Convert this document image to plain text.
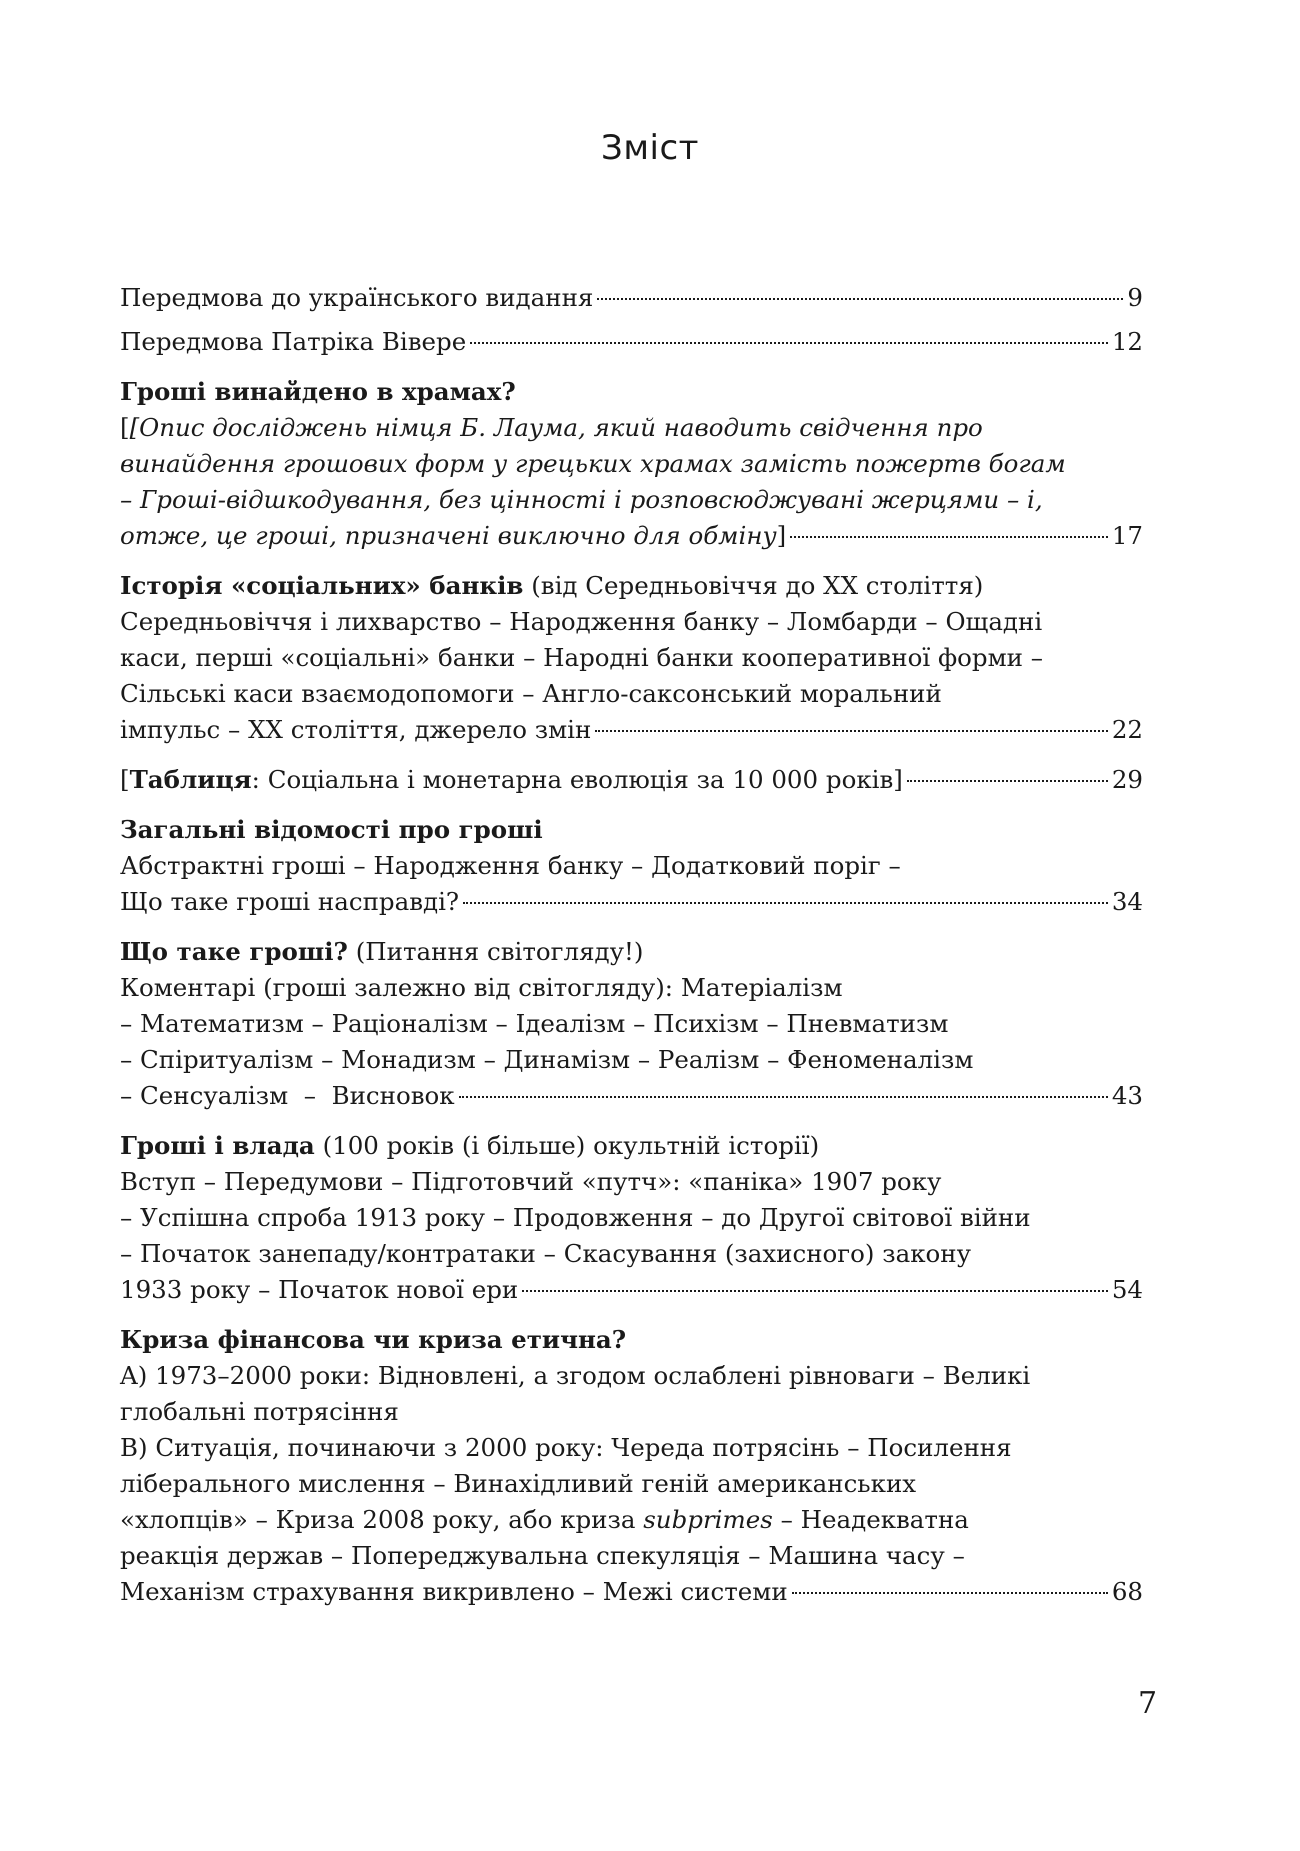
Зміст
Передмова до українського видання	9
Передмова Патріка Вівере	12
Гроші винайдено в храмах?
[[Опис досліджень німця Б. Лаума, який наводить свідчення про
винайдення грошових форм у грецьких храмах замість пожертв богам
– Гроші-відшкодування, без цінності і розповсюджувані жерцями – і,
отже, це гроші, призначені виключно для обміну]	17
Історія «соціальних» банків (від Середньовіччя до XX століття)
Середньовіччя і лихварство – Народження банку – Ломбарди – Ощадні
каси, перші «соціальні» банки – Народні банки кооперативної форми –
Сільські каси взаємодопомоги – Англо-саксонський моральний
імпульс – XX століття, джерело змін	22
[Таблиця: Соціальна і монетарна еволюція за 10 000 років]	29
Загальні відомості про гроші
Абстрактні гроші – Народження банку – Додатковий поріг –
Що таке гроші насправді?	34
Що таке гроші? (Питання світогляду!)
Коментарі (гроші залежно від світогляду): Матеріалізм
– Математизм – Раціоналізм – Ідеалізм – Психізм – Пневматизм
– Спіритуалізм – Монадизм – Динамізм – Реалізм – Феноменалізм
– Сенсуалізм  –  Висновок	43
Гроші і влада (100 років (і більше) окультній історії)
Вступ – Передумови – Підготовчий «путч»: «паніка» 1907 року
– Успішна спроба 1913 року – Продовження – до Другої світової війни
– Початок занепаду/контратаки – Скасування (захисного) закону
1933 року – Початок нової ери	54
Криза фінансова чи криза етична?
A) 1973–2000 роки: Відновлені, а згодом ослаблені рівноваги – Великі
глобальні потрясіння
B) Ситуація, починаючи з 2000 року: Череда потрясінь – Посилення
ліберального мислення – Винахідливий геній американських
«хлопців» – Криза 2008 року, або криза subprimes – Неадекватна
реакція держав – Попереджувальна спекуляція – Машина часу –
Механізм страхування викривлено – Межі системи	68
7
